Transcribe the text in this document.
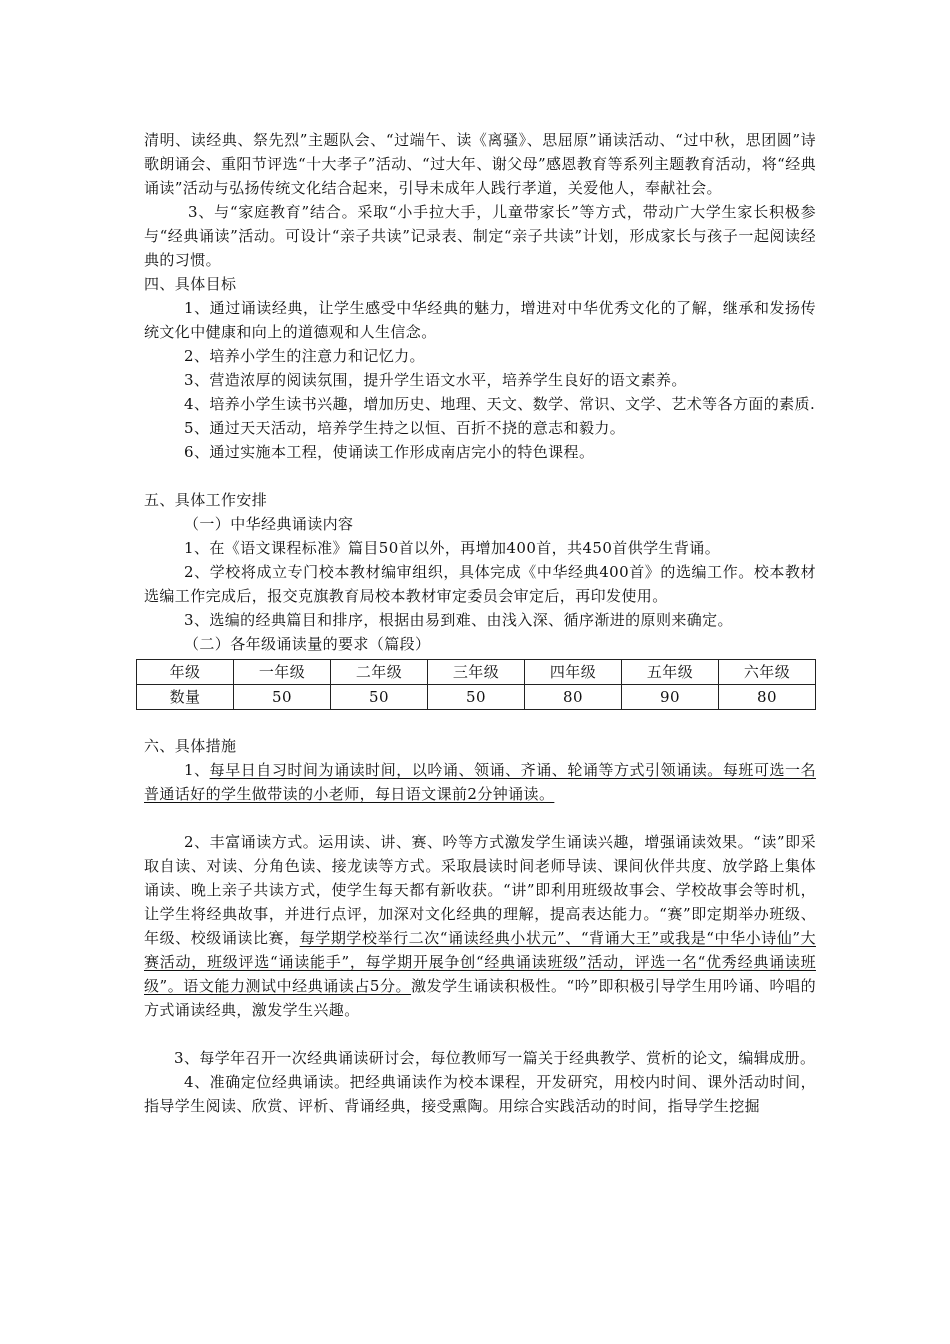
清明、读经典、祭先烈”主题队会、“过端午、读《离骚》、思屈原”诵读活动、“过中秋，思团圆”诗歌朗诵会、重阳节评选“十大孝子”活动、“过大年、谢父母”感恩教育等系列主题教育活动，将“经典诵读”活动与弘扬传统文化结合起来，引导未成年人践行孝道，关爱他人，奉献社会。

3、与“家庭教育”结合。采取“小手拉大手，儿童带家长”等方式，带动广大学生家长积极参与“经典诵读”活动。可设计“亲子共读”记录表、制定“亲子共读”计划，形成家长与孩子一起阅读经典的习惯。

四、具体目标

1、通过诵读经典，让学生感受中华经典的魅力，增进对中华优秀文化的了解，继承和发扬传统文化中健康和向上的道德观和人生信念。

2、培养小学生的注意力和记忆力。

3、营造浓厚的阅读氛围，提升学生语文水平，培养学生良好的语文素养。

4、培养小学生读书兴趣，增加历史、地理、天文、数学、常识、文学、艺术等各方面的素质.

5、通过天天活动，培养学生持之以恒、百折不挠的意志和毅力。

6、通过实施本工程，使诵读工作形成南店完小的特色课程。

五、具体工作安排

（一）中华经典诵读内容

1、在《语文课程标准》篇目50首以外，再增加400首，共450首供学生背诵。

2、学校将成立专门校本教材编审组织，具体完成《中华经典400首》的选编工作。校本教材选编工作完成后，报交克旗教育局校本教材审定委员会审定后，再印发使用。

3、选编的经典篇目和排序，根据由易到难、由浅入深、循序渐进的原则来确定。

（二）各年级诵读量的要求（篇段）

年级	一年级	二年级	三年级	四年级	五年级	六年级
数量	50	50	50	80	90	80

六、具体措施

1、每早日自习时间为诵读时间，以吟诵、领诵、齐诵、轮诵等方式引领诵读。每班可选一名普通话好的学生做带读的小老师，每日语文课前2分钟诵读。

2、丰富诵读方式。运用读、讲、赛、吟等方式激发学生诵读兴趣，增强诵读效果。“读”即采取自读、对读、分角色读、接龙读等方式。采取晨读时间老师导读、课间伙伴共度、放学路上集体诵读、晚上亲子共读方式，使学生每天都有新收获。“讲”即利用班级故事会、学校故事会等时机，让学生将经典故事，并进行点评，加深对文化经典的理解，提高表达能力。“赛”即定期举办班级、年级、校级诵读比赛，每学期学校举行二次“诵读经典小状元”、“背诵大王”或我是“中华小诗仙”大赛活动，班级评选“诵读能手”，每学期开展争创“经典诵读班级”活动，评选一名“优秀经典诵读班级”。语文能力测试中经典诵读占5分。激发学生诵读积极性。“吟”即积极引导学生用吟诵、吟唱的方式诵读经典，激发学生兴趣。

3、每学年召开一次经典诵读研讨会，每位教师写一篇关于经典教学、赏析的论文，编辑成册。

4、准确定位经典诵读。把经典诵读作为校本课程，开发研究，用校内时间、课外活动时间，指导学生阅读、欣赏、评析、背诵经典，接受熏陶。用综合实践活动的时间，指导学生挖掘
